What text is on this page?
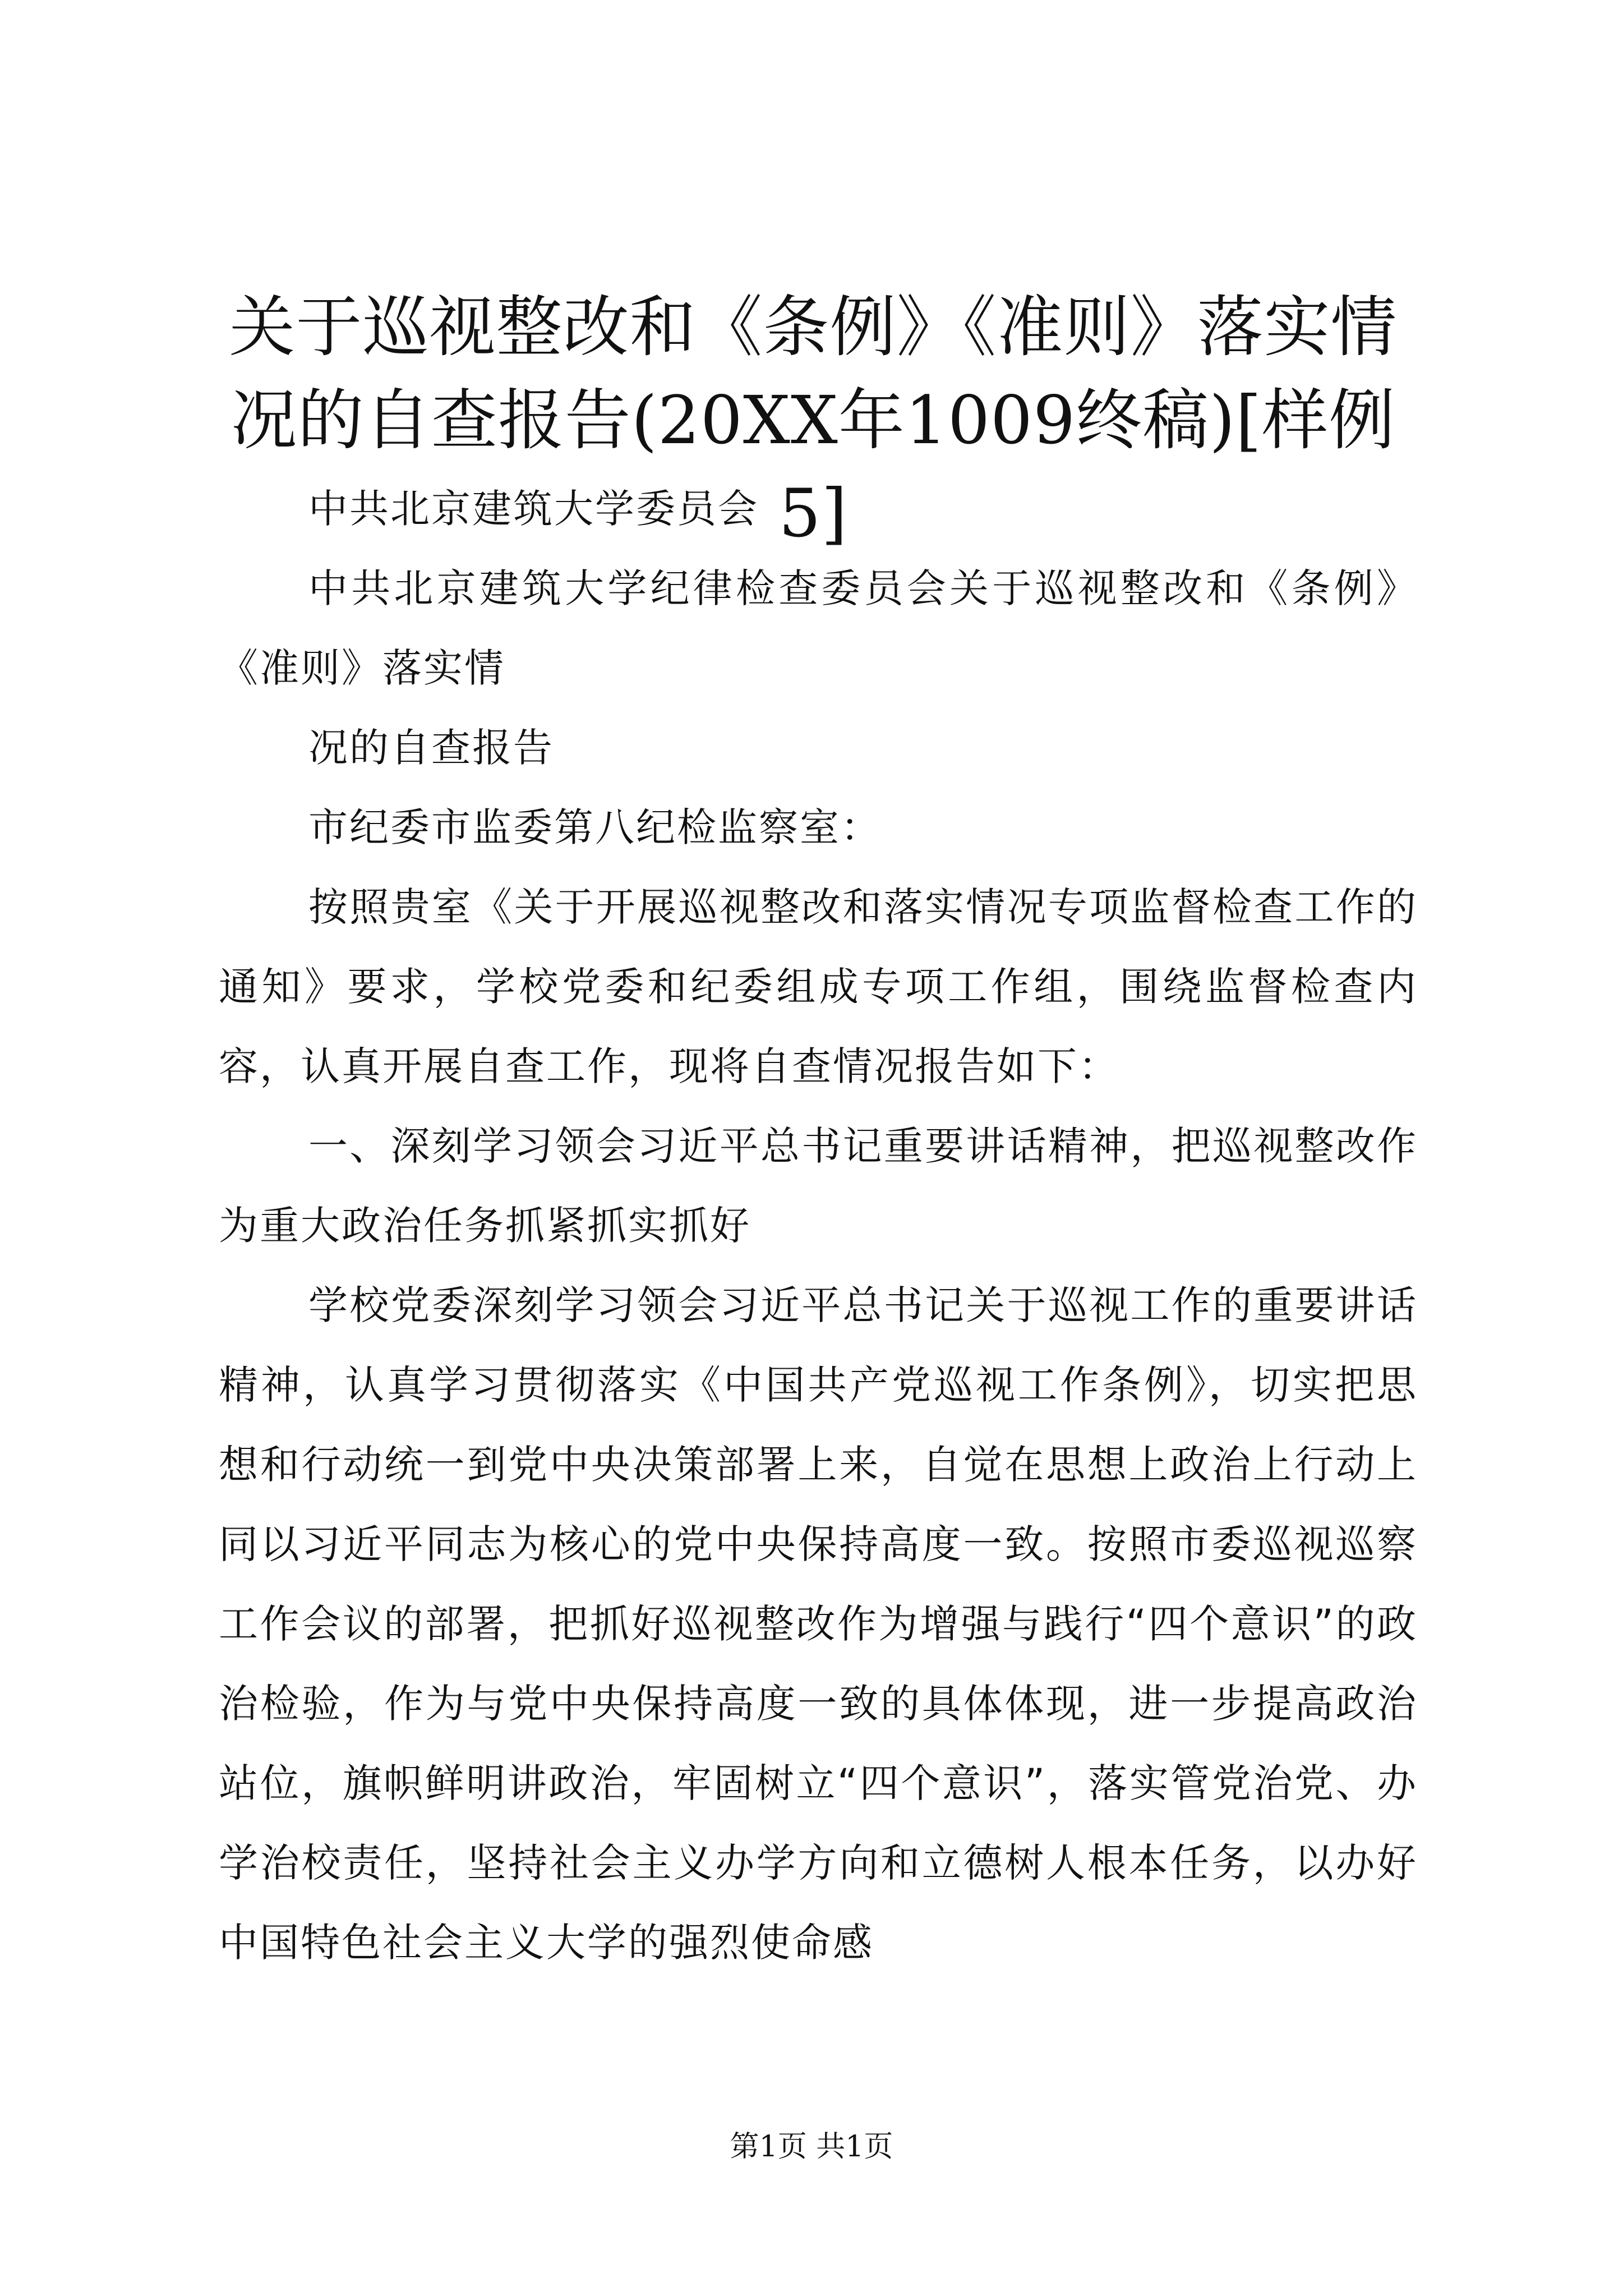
关于巡视整改和《条例》《准则》落实情况的自查报告(20XX年1009终稿)[样例5]

中共北京建筑大学委员会

中共北京建筑大学纪律检查委员会关于巡视整改和《条例》《准则》落实情

况的自查报告

市纪委市监委第八纪检监察室：

按照贵室《关于开展巡视整改和落实情况专项监督检查工作的通知》要求，学校党委和纪委组成专项工作组，围绕监督检查内容，认真开展自查工作，现将自查情况报告如下：

一、深刻学习领会习近平总书记重要讲话精神，把巡视整改作为重大政治任务抓紧抓实抓好

学校党委深刻学习领会习近平总书记关于巡视工作的重要讲话精神，认真学习贯彻落实《中国共产党巡视工作条例》，切实把思想和行动统一到党中央决策部署上来，自觉在思想上政治上行动上同以习近平同志为核心的党中央保持高度一致。按照市委巡视巡察工作会议的部署，把抓好巡视整改作为增强与践行“四个意识”的政治检验，作为与党中央保持高度一致的具体体现，进一步提高政治站位，旗帜鲜明讲政治，牢固树立“四个意识”，落实管党治党、办学治校责任，坚持社会主义办学方向和立德树人根本任务，以办好中国特色社会主义大学的强烈使命感

第1页 共1页
